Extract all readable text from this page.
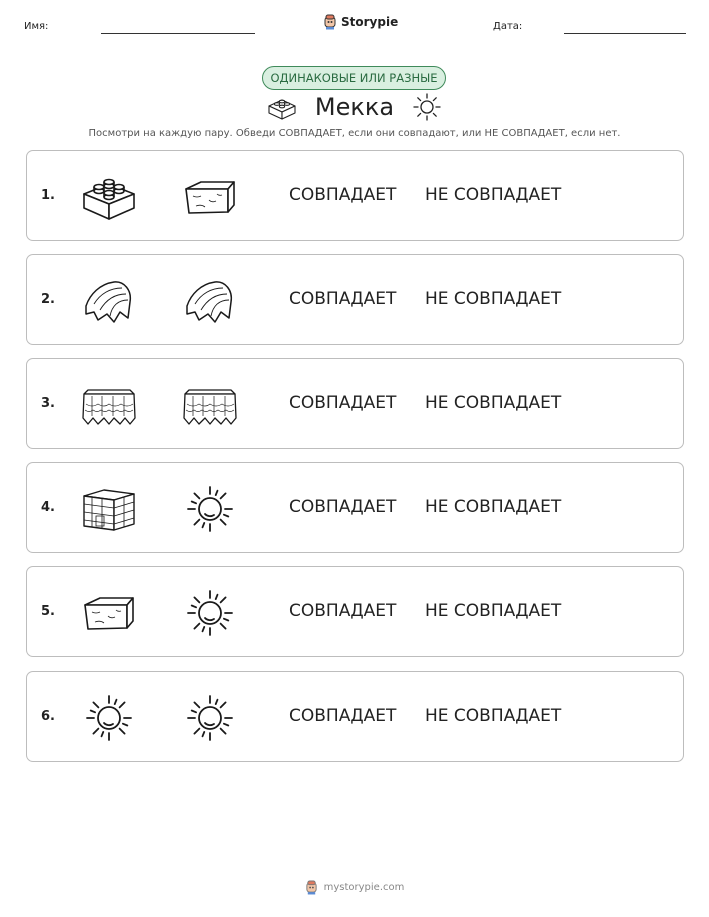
Имя:	Storypie	Дата:
ОДИНАКОВЫЕ ИЛИ РАЗНЫЕ
Мекка
Посмотри на каждую пару. Обведи СОВПАДАЕТ, если они совпадают, или НЕ СОВПАДАЕТ, если нет.
1.	СОВПАДАЕТ НЕ СОВПАДАЕТ
2.	СОВПАДАЕТ НЕ СОВПАДАЕТ
3.	СОВПАДАЕТ НЕ СОВПАДАЕТ
4.	СОВПАДАЕТ НЕ СОВПАДАЕТ
5.	СОВПАДАЕТ НЕ СОВПАДАЕТ
6.	СОВПАДАЕТ НЕ СОВПАДАЕТ
mystorypie.com
